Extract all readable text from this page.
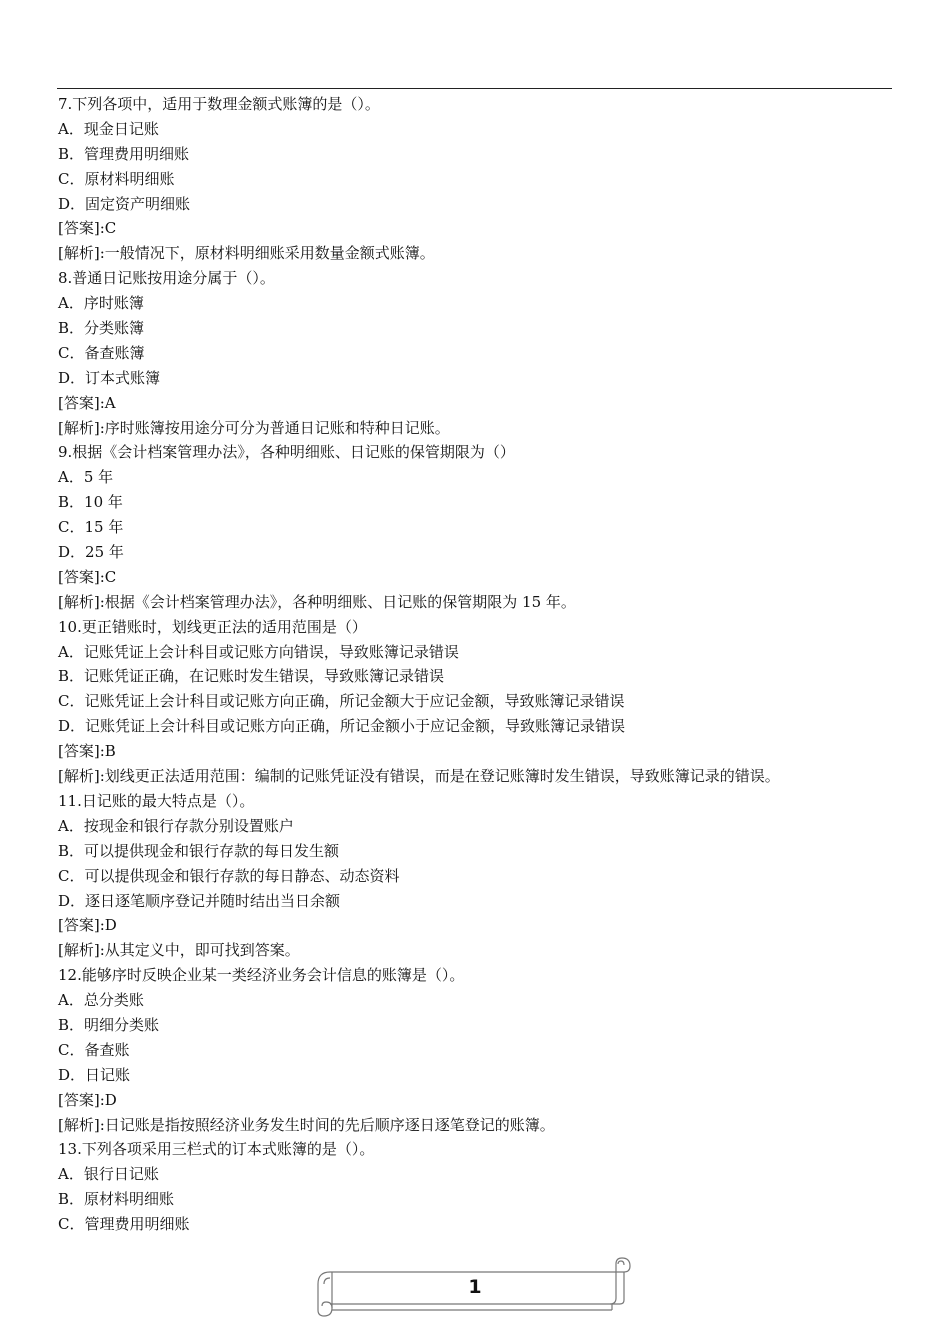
7.下列各项中，适用于数理金额式账簿的是（）。
A．现金日记账
B．管理费用明细账
C．原材料明细账
D．固定资产明细账
[答案]:C
[解析]:一般情况下，原材料明细账采用数量金额式账簿。
8.普通日记账按用途分属于（）。
A．序时账簿
B．分类账簿
C．备查账簿
D．订本式账簿
[答案]:A
[解析]:序时账簿按用途分可分为普通日记账和特种日记账。
9.根据《会计档案管理办法》，各种明细账、日记账的保管期限为（）
A．5 年
B．10 年
C．15 年
D．25 年
[答案]:C
[解析]:根据《会计档案管理办法》，各种明细账、日记账的保管期限为 15 年。
10.更正错账时，划线更正法的适用范围是（）
A．记账凭证上会计科目或记账方向错误，导致账簿记录错误
B．记账凭证正确，在记账时发生错误，导致账簿记录错误
C．记账凭证上会计科目或记账方向正确，所记金额大于应记金额，导致账簿记录错误
D．记账凭证上会计科目或记账方向正确，所记金额小于应记金额，导致账簿记录错误
[答案]:B
[解析]:划线更正法适用范围：编制的记账凭证没有错误，而是在登记账簿时发生错误，导致账簿记录的错误。
11.日记账的最大特点是（）。
A．按现金和银行存款分别设置账户
B．可以提供现金和银行存款的每日发生额
C．可以提供现金和银行存款的每日静态、动态资料
D．逐日逐笔顺序登记并随时结出当日余额
[答案]:D
[解析]:从其定义中，即可找到答案。
12.能够序时反映企业某一类经济业务会计信息的账簿是（）。
A．总分类账
B．明细分类账
C．备查账
D．日记账
[答案]:D
[解析]:日记账是指按照经济业务发生时间的先后顺序逐日逐笔登记的账簿。
13.下列各项采用三栏式的订本式账簿的是（）。
A．银行日记账
B．原材料明细账
C．管理费用明细账
1
